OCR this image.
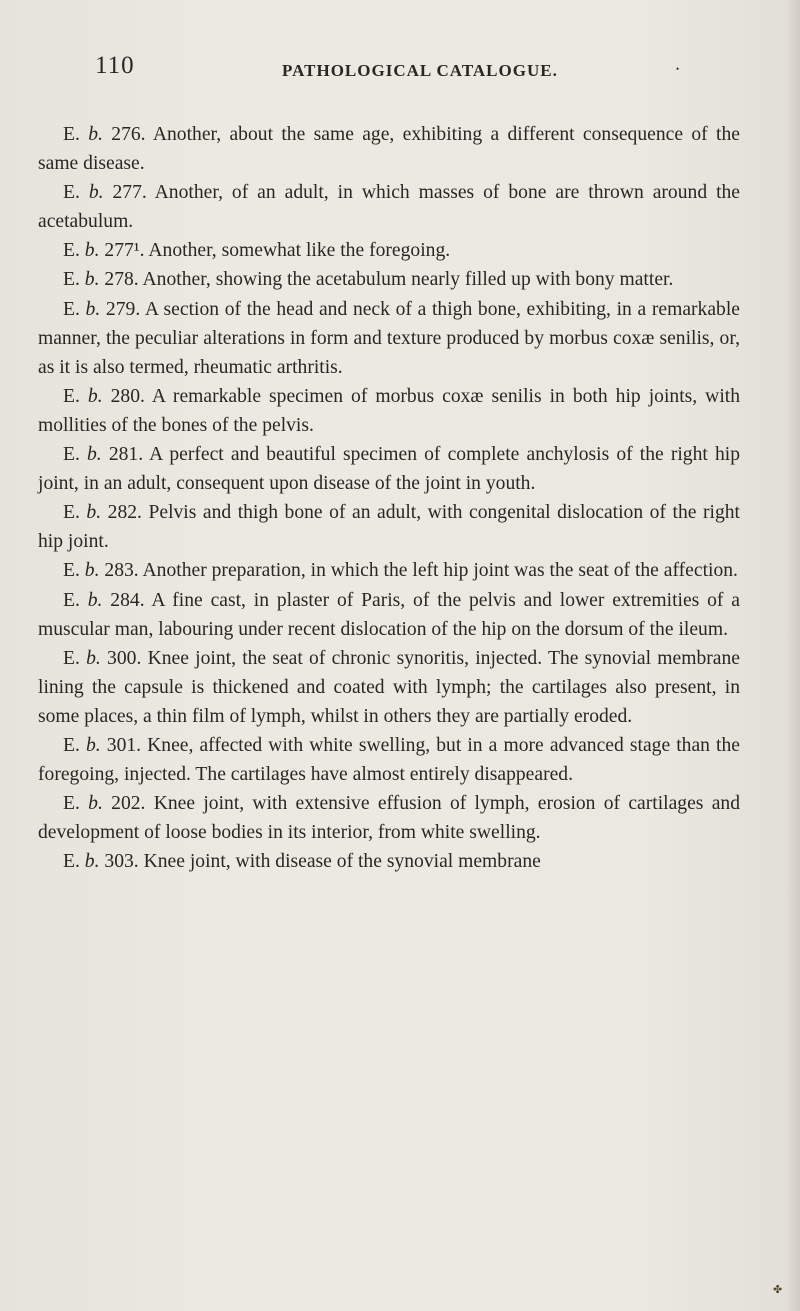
110	PATHOLOGICAL CATALOGUE.	•

E. b. 276. Another, about the same age, exhibiting a different consequence of the same disease.

E. b. 277. Another, of an adult, in which masses of bone are thrown around the acetabulum.

E. b. 277¹. Another, somewhat like the foregoing.

E. b. 278. Another, showing the acetabulum nearly filled up with bony matter.

E. b. 279. A section of the head and neck of a thigh bone, exhibiting, in a remarkable manner, the peculiar alterations in form and texture produced by morbus coxæ senilis, or, as it is also termed, rheumatic arthritis.

E. b. 280. A remarkable specimen of morbus coxæ senilis in both hip joints, with mollities of the bones of the pelvis.

E. b. 281. A perfect and beautiful specimen of complete anchylosis of the right hip joint, in an adult, consequent upon disease of the joint in youth.

E. b. 282. Pelvis and thigh bone of an adult, with congenital dislocation of the right hip joint.

E. b. 283. Another preparation, in which the left hip joint was the seat of the affection.

E. b. 284. A fine cast, in plaster of Paris, of the pelvis and lower extremities of a muscular man, labouring under recent dislocation of the hip on the dorsum of the ileum.

E. b. 300. Knee joint, the seat of chronic synoritis, injected. The synovial membrane lining the capsule is thickened and coated with lymph; the cartilages also present, in some places, a thin film of lymph, whilst in others they are partially eroded.

E. b. 301. Knee, affected with white swelling, but in a more advanced stage than the foregoing, injected. The cartilages have almost entirely disappeared.

E. b. 202. Knee joint, with extensive effusion of lymph, erosion of cartilages and development of loose bodies in its interior, from white swelling.

E. b. 303. Knee joint, with disease of the synovial membrane

✤
